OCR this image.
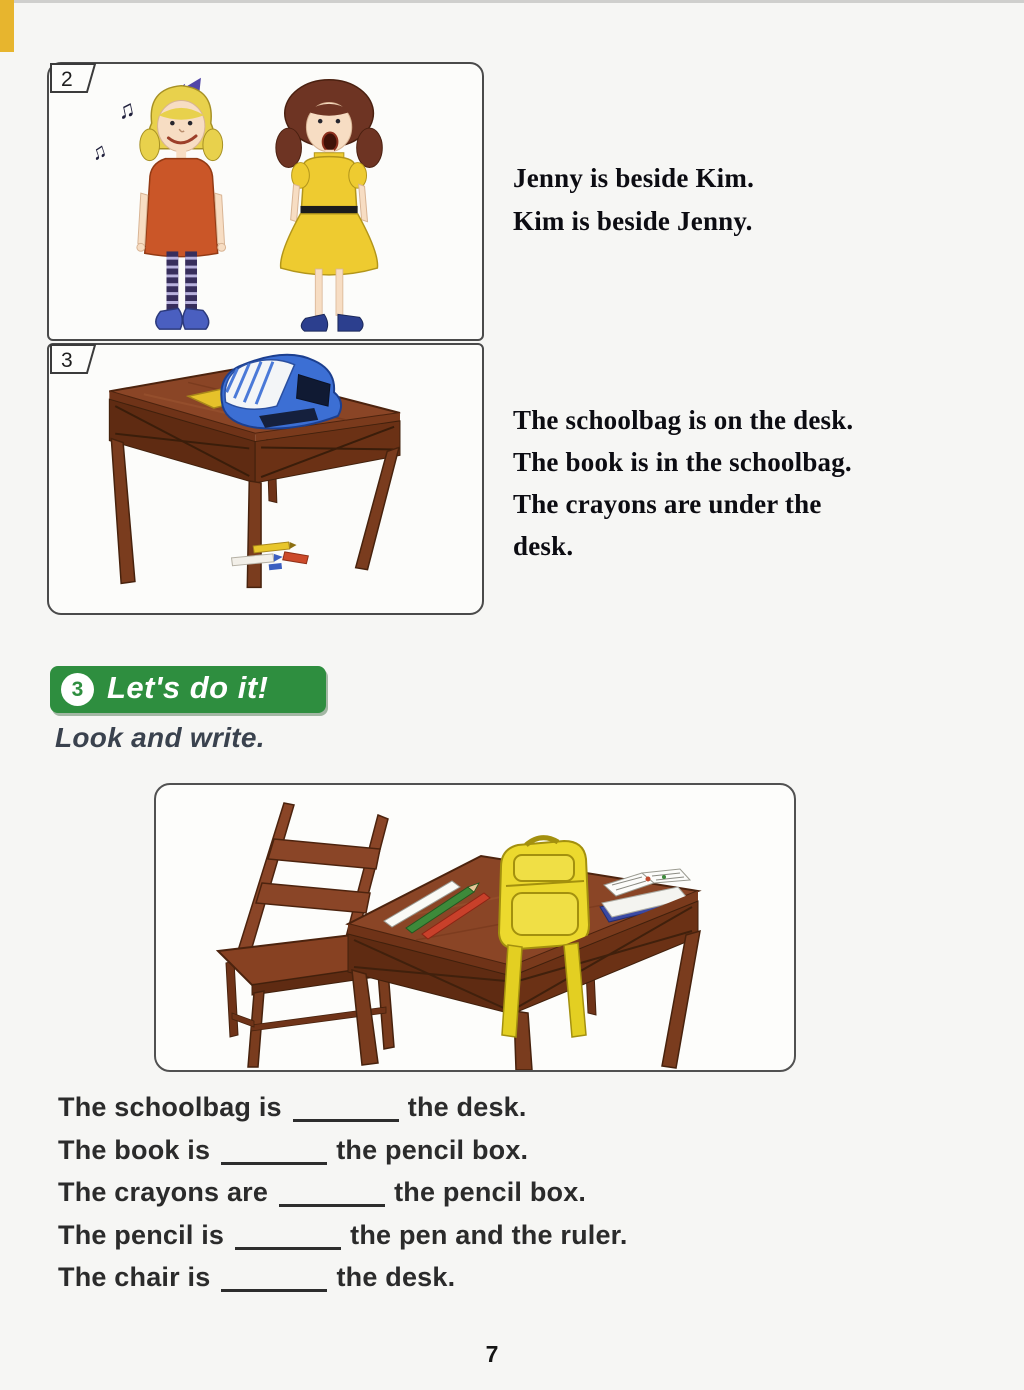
♫
♫
2
3
Jenny is beside Kim.
Kim is beside Jenny.
The schoolbag is on the desk.
The book is in the schoolbag.
The crayons are under the
desk.
3 Let's do it!
Look and write.
The schoolbag is	the desk.
The book is	the pencil box.
The crayons are	the pencil box.
The pencil is	the pen and the ruler.
The chair is	the desk.
7
